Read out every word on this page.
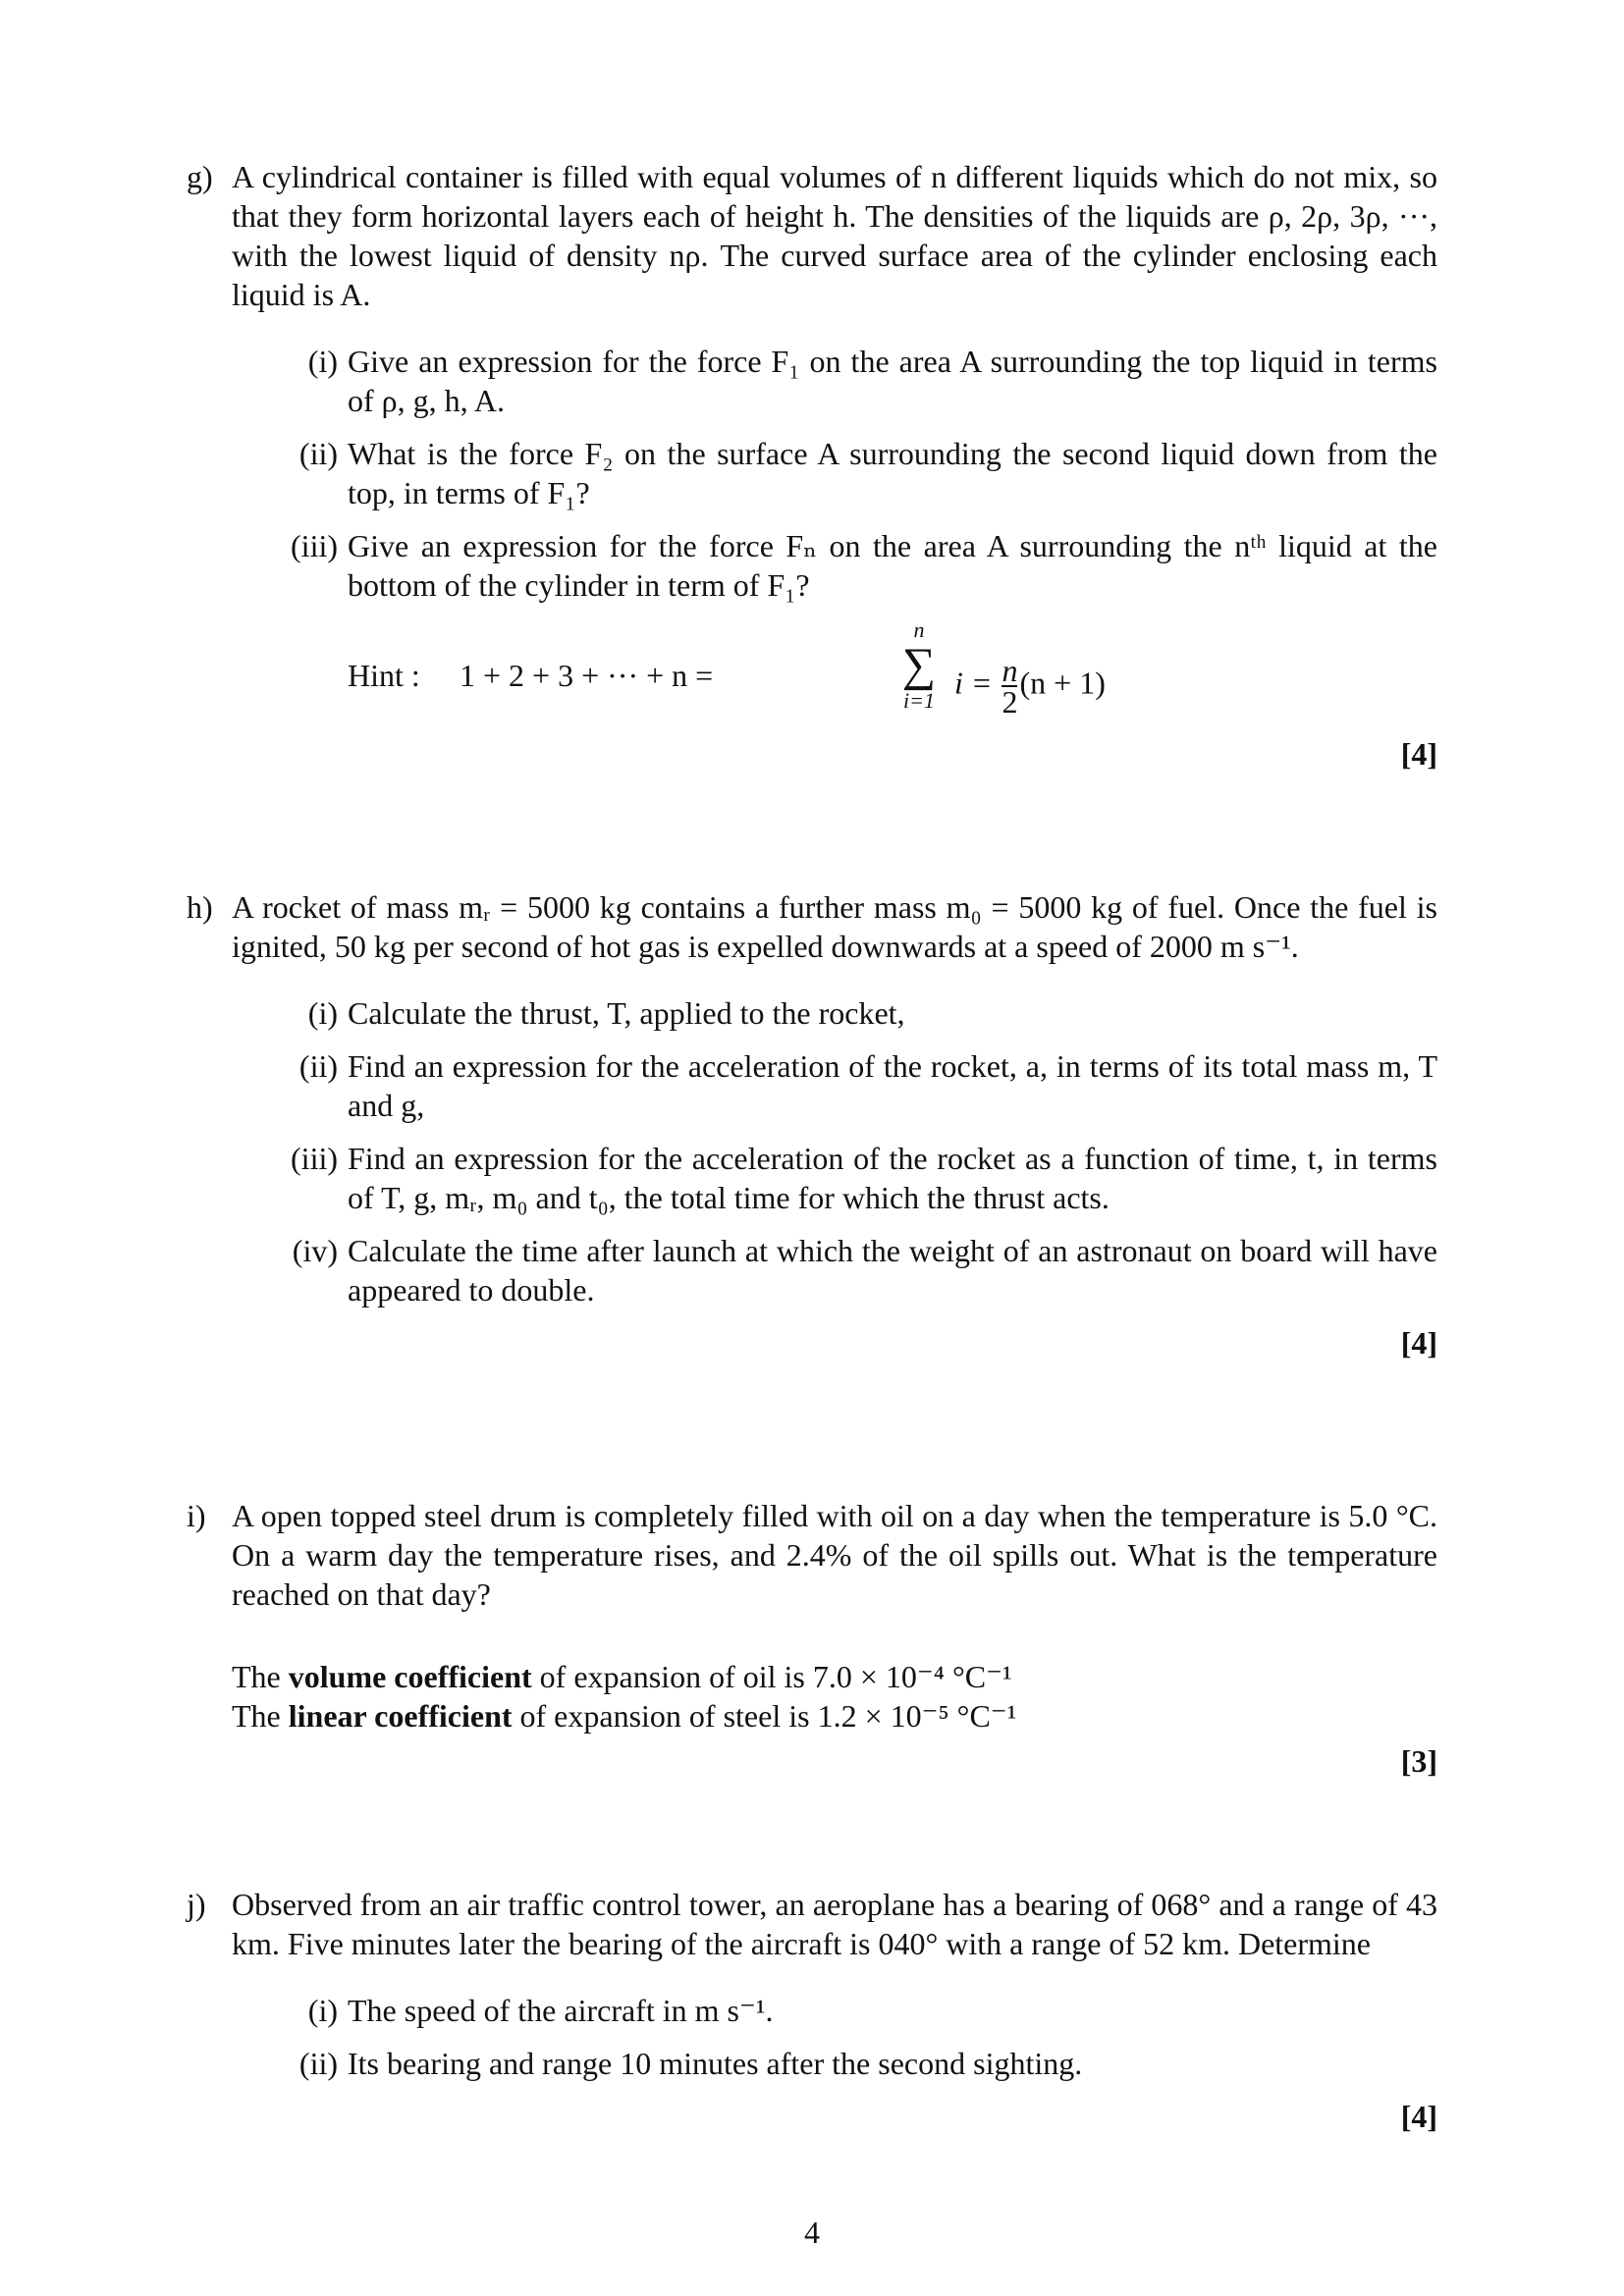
g) A cylindrical container is filled with equal volumes of n different liquids which do not mix, so that they form horizontal layers each of height h. The densities of the liquids are ρ, 2ρ, 3ρ, ···, with the lowest liquid of density nρ. The curved surface area of the cylinder enclosing each liquid is A.
(i) Give an expression for the force F₁ on the area A surrounding the top liquid in terms of ρ, g, h, A.
(ii) What is the force F₂ on the surface A surrounding the second liquid down from the top, in terms of F₁?
(iii) Give an expression for the force Fₙ on the area A surrounding the nᵗʰ liquid at the bottom of the cylinder in term of F₁?
Hint : 1 + 2 + 3 + ··· + n =
n
∑
i=1
$i = \frac{n}{2} (n + 1)$
[4]
h) A rocket of mass mᵣ = 5000 kg contains a further mass m₀ = 5000 kg of fuel. Once the fuel is ignited, 50 kg per second of hot gas is expelled downwards at a speed of 2000 m s⁻¹.
(i) Calculate the thrust, T, applied to the rocket,
(ii) Find an expression for the acceleration of the rocket, a, in terms of its total mass m, T and g,
(iii) Find an expression for the acceleration of the rocket as a function of time, t, in terms of T, g, mᵣ, m₀ and t₀, the total time for which the thrust acts.
(iv) Calculate the time after launch at which the weight of an astronaut on board will have appeared to double.
[4]
i) A open topped steel drum is completely filled with oil on a day when the temperature is 5.0 °C. On a warm day the temperature rises, and 2.4% of the oil spills out. What is the temperature reached on that day?
The volume coefficient of expansion of oil is 7.0 × 10⁻⁴ °C⁻¹
The linear coefficient of expansion of steel is 1.2 × 10⁻⁵ °C⁻¹
[3]
j) Observed from an air traffic control tower, an aeroplane has a bearing of 068° and a range of 43 km. Five minutes later the bearing of the aircraft is 040° with a range of 52 km. Determine
(i) The speed of the aircraft in m s⁻¹.
(ii) Its bearing and range 10 minutes after the second sighting.
[4]
4
